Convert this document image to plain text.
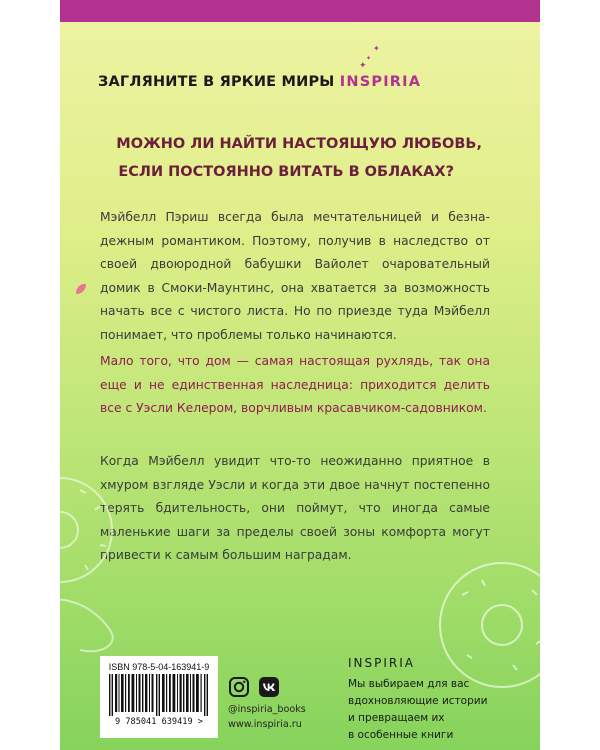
✦
✦
✦

ЗАГЛЯНИТЕ В ЯРКИЕ МИРЫ INSPIRIA

МОЖНО ЛИ НАЙТИ НАСТОЯЩУЮ ЛЮБОВЬ,
ЕСЛИ ПОСТОЯННО ВИТАТЬ В ОБЛАКАХ?

Мэйбелл Пэриш всегда была мечтательницей и безнадежным романтиком. Поэтому, получив в наследство от своей двоюродной бабушки Вайолет очаровательный домик в Смоки-Маунтинс, она хватается за возможность начать все с чистого листа. Но по приезде туда Мэйбелл понимает, что проблемы только начинаются.

Мало того, что дом — самая настоящая рухлядь, так она еще и не единственная наследница: приходится делить все с Уэсли Келером, ворчливым красавчиком-садовником.

Когда Мэйбелл увидит что-то неожиданно приятное в хмуром взгляде Уэсли и когда эти двое начнут постепенно терять бдительность, они поймут, что иногда самые маленькие шаги за пределы своей зоны комфорта могут привести к самым большим наградам.

ISBN 978-5-04-163941-9
9 785041 639419 >

@inspiria_books

www.inspiria.ru

INSPIRIA

Мы выбираем для вас
вдохновляющие истории
и превращаем их
в особенные книги
